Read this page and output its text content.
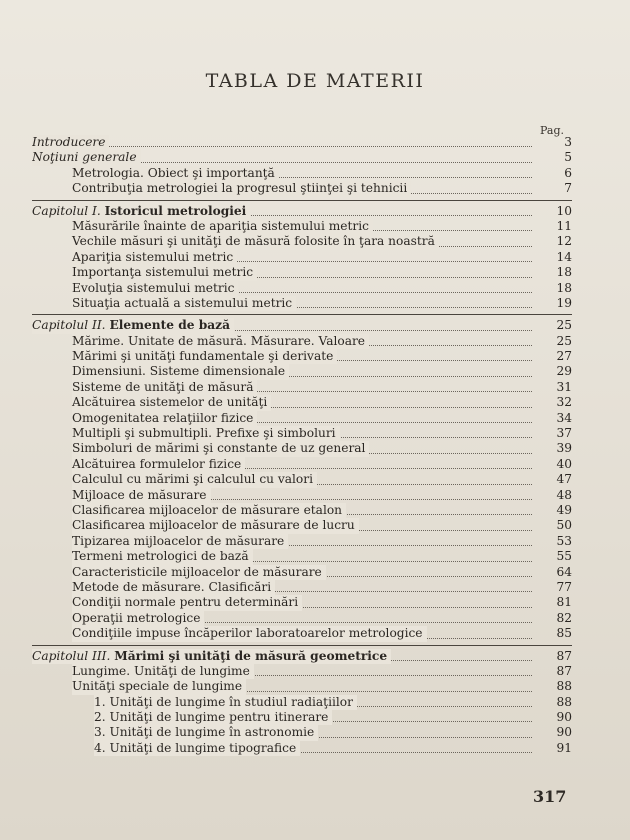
TABLA DE MATERII
Pag.
Introducere	3
Noţiuni generale	5
Metrologia. Obiect şi importanţă	6
Contribuţia metrologiei la progresul ştiinţei şi tehnicii	7
Capitolul I. Istoricul metrologiei	10
Măsurările înainte de apariţia sistemului metric	11
Vechile măsuri şi unităţi de măsură folosite în ţara noastră	12
Apariţia sistemului metric	14
Importanţa sistemului metric	18
Evoluţia sistemului metric	18
Situaţia actuală a sistemului metric	19
Capitolul II. Elemente de bază	25
Mărime. Unitate de măsură. Măsurare. Valoare	25
Mărimi şi unităţi fundamentale şi derivate	27
Dimensiuni. Sisteme dimensionale	29
Sisteme de unităţi de măsură	31
Alcătuirea sistemelor de unităţi	32
Omogenitatea relaţiilor fizice	34
Multipli şi submultipli. Prefixe şi simboluri	37
Simboluri de mărimi şi constante de uz general	39
Alcătuirea formulelor fizice	40
Calculul cu mărimi şi calculul cu valori	47
Mijloace de măsurare	48
Clasificarea mijloacelor de măsurare etalon	49
Clasificarea mijloacelor de măsurare de lucru	50
Tipizarea mijloacelor de măsurare	53
Termeni metrologici de bază	55
Caracteristicile mijloacelor de măsurare	64
Metode de măsurare. Clasificări	77
Condiţii normale pentru determinări	81
Operaţii metrologice	82
Condiţiile impuse încăperilor laboratoarelor metrologice	85
Capitolul III. Mărimi şi unităţi de măsură geometrice	87
Lungime. Unităţi de lungime	87
Unităţi speciale de lungime	88
1. Unităţi de lungime în studiul radiaţiilor	88
2. Unităţi de lungime pentru itinerare	90
3. Unităţi de lungime în astronomie	90
4. Unităţi de lungime tipografice	91
317
